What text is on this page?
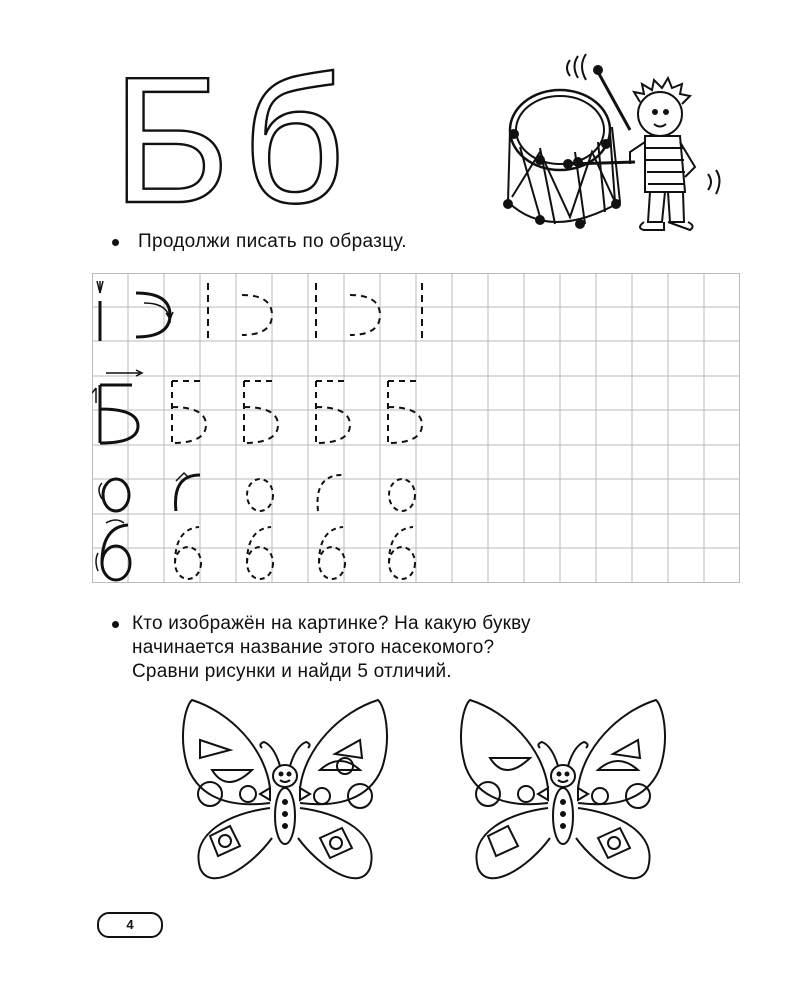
Б б
Продолжи писать по образцу.
Кто изображён на картинке? На какую букву
начинается название этого насекомого?
Сравни рисунки и найди 5 отличий.
4
